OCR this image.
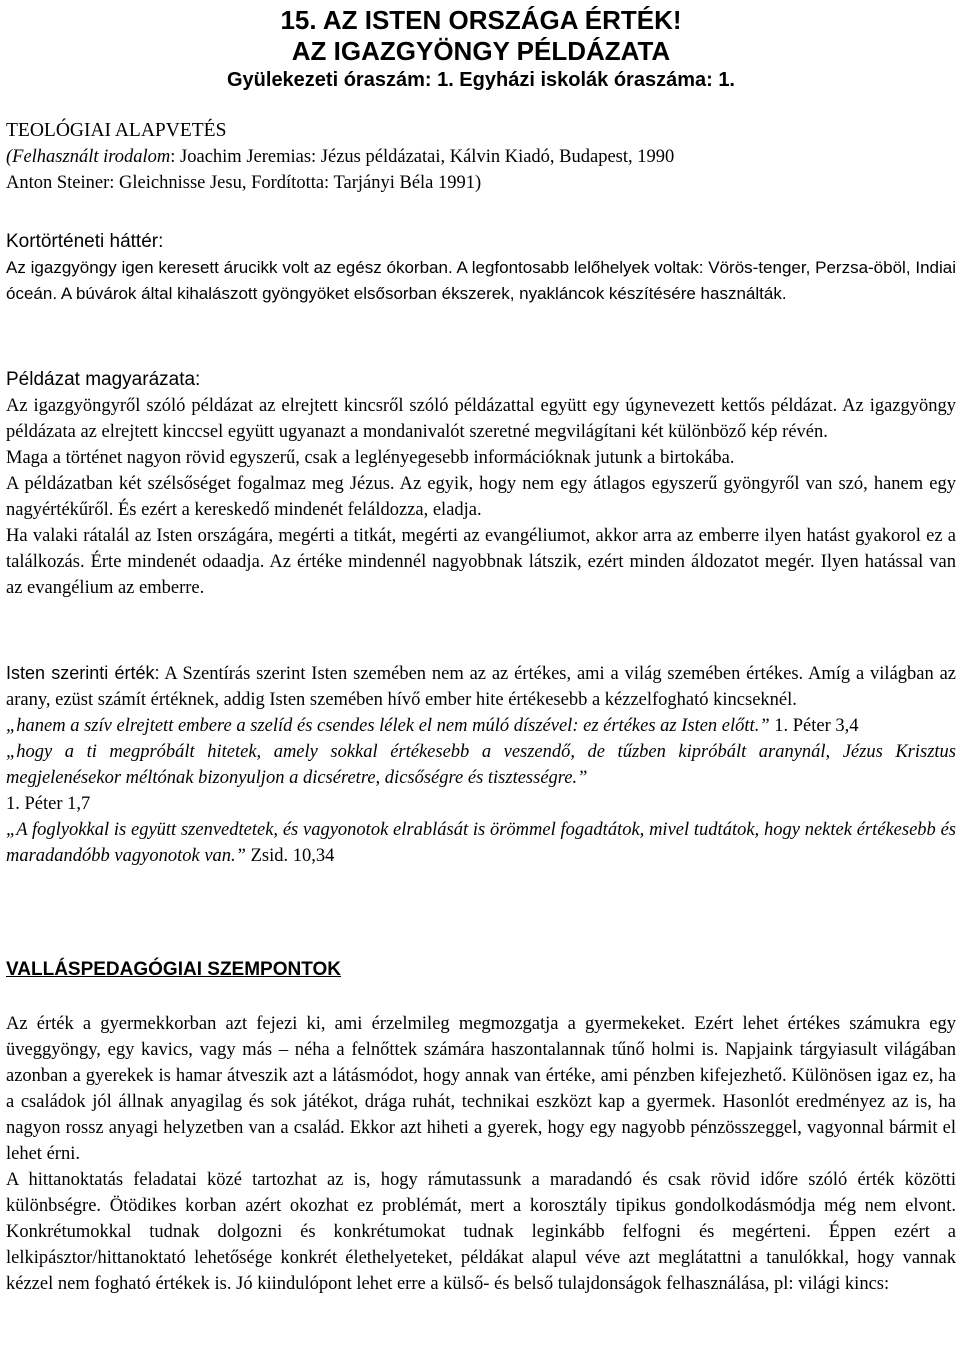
15. AZ ISTEN ORSZÁGA ÉRTÉK!
AZ IGAZGYÖNGY PÉLDÁZATA
Gyülekezeti óraszám: 1. Egyházi iskolák óraszáma: 1.
TEOLÓGIAI ALAPVETÉS
(Felhasznált irodalom: Joachim Jeremias: Jézus példázatai, Kálvin Kiadó, Budapest, 1990
Anton Steiner: Gleichnisse Jesu, Fordította: Tarjányi Béla 1991)
Kortörténeti háttér:

Az igazgyöngy igen keresett árucikk volt az egész ókorban. A legfontosabb lelőhelyek voltak: Vörös-tenger, Perzsa-öböl, Indiai óceán. A búvárok által kihalászott gyöngyöket elsősorban ékszerek, nyakláncok készítésére használták.

Példázat magyarázata:

Az igazgyöngyről szóló példázat az elrejtett kincsről szóló példázattal együtt egy úgynevezett kettős példázat. Az igazgyöngy példázata az elrejtett kinccsel együtt ugyanazt a mondanivalót szeretné megvilágítani két különböző kép révén.

Maga a történet nagyon rövid egyszerű, csak a leglényegesebb információknak jutunk a birtokába.

A példázatban két szélsőséget fogalmaz meg Jézus. Az egyik, hogy nem egy átlagos egyszerű gyöngyről van szó, hanem egy nagyértékűről. És ezért a kereskedő mindenét feláldozza, eladja.

Ha valaki rátalál az Isten országára, megérti a titkát, megérti az evangéliumot, akkor arra az emberre ilyen hatást gyakorol ez a találkozás. Érte mindenét odaadja. Az értéke mindennél nagyobbnak látszik, ezért minden áldozatot megér. Ilyen hatással van az evangélium az emberre.

Isten szerinti érték: A Szentírás szerint Isten szemében nem az az értékes, ami a világ szemében értékes. Amíg a világban az arany, ezüst számít értéknek, addig Isten szemében hívő ember hite értékesebb a kézzelfogható kincseknél.

„hanem a szív elrejtett embere a szelíd és csendes lélek el nem múló díszével: ez értékes az Isten előtt.” 1. Péter 3,4

„hogy a ti megpróbált hitetek, amely sokkal értékesebb a veszendő, de tűzben kipróbált aranynál, Jézus Krisztus megjelenésekor méltónak bizonyuljon a dicséretre, dicsőségre és tisztességre.”

1. Péter 1,7

„A foglyokkal is együtt szenvedtetek, és vagyonotok elrablását is örömmel fogadtátok, mivel tudtátok, hogy nektek értékesebb és maradandóbb vagyonotok van.” Zsid. 10,34

VALLÁSPEDAGÓGIAI SZEMPONTOK

Az érték a gyermekkorban azt fejezi ki, ami érzelmileg megmozgatja a gyermekeket. Ezért lehet értékes számukra egy üveggyöngy, egy kavics, vagy más – néha a felnőttek számára haszontalannak tűnő holmi is. Napjaink tárgyiasult világában azonban a gyerekek is hamar átveszik azt a látásmódot, hogy annak van értéke, ami pénzben kifejezhető. Különösen igaz ez, ha a családok jól állnak anyagilag és sok játékot, drága ruhát, technikai eszközt kap a gyermek. Hasonlót eredményez az is, ha nagyon rossz anyagi helyzetben van a család. Ekkor azt hiheti a gyerek, hogy egy nagyobb pénzösszeggel, vagyonnal bármit el lehet érni.

A hittanoktatás feladatai közé tartozhat az is, hogy rámutassunk a maradandó és csak rövid időre szóló érték közötti különbségre. Ötödikes korban azért okozhat ez problémát, mert a korosztály tipikus gondolkodásmódja még nem elvont. Konkrétumokkal tudnak dolgozni és konkrétumokat tudnak leginkább felfogni és megérteni. Éppen ezért a lelkipásztor/hittanoktató lehetősége konkrét élethelyeteket, példákat alapul véve azt meglátattni a tanulókkal, hogy vannak kézzel nem fogható értékek is. Jó kiindulópont lehet erre a külső- és belső tulajdonságok felhasználása, pl: világi kincs:
